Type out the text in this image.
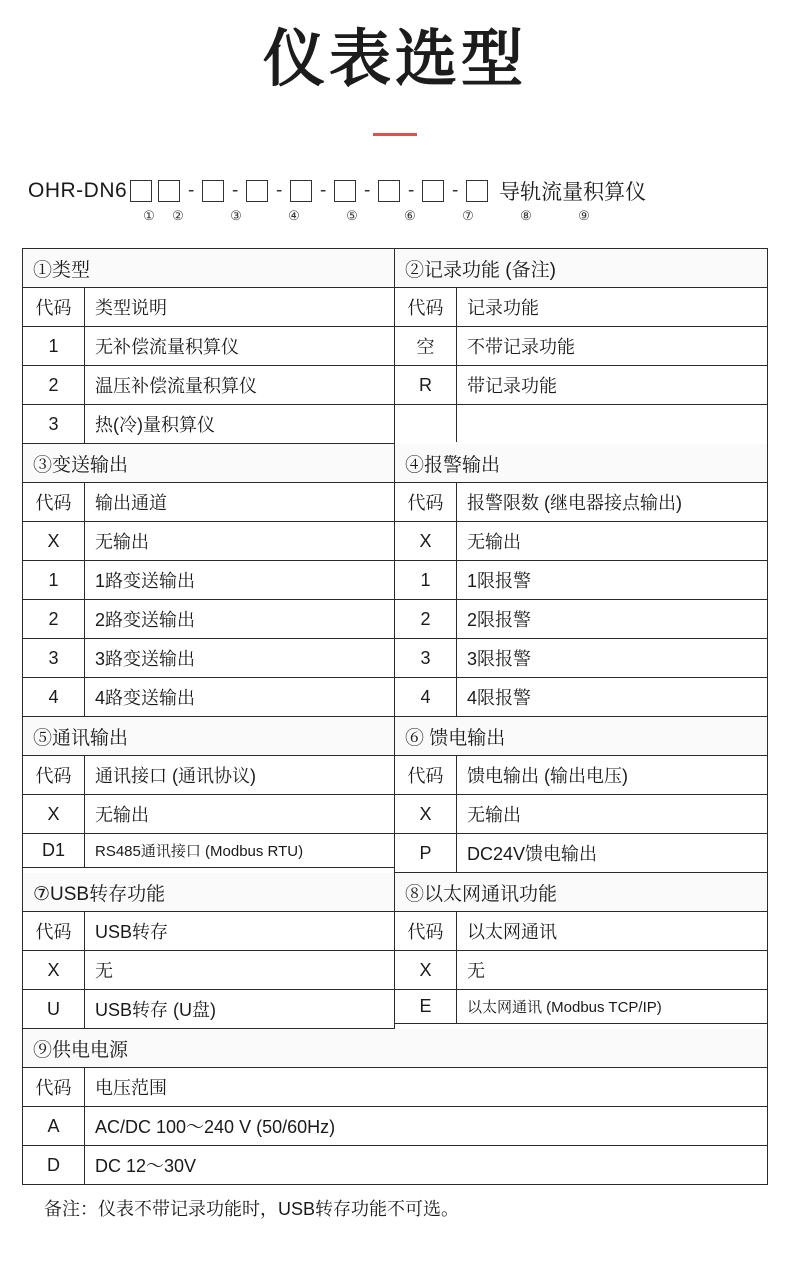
仪表选型
OHR-DN6	- - - - - - - 导轨流量积算仪
① ②	③	④	⑤	⑥	⑦	⑧	⑨
①类型
代码	类型说明
1	无补偿流量积算仪
2	温压补偿流量积算仪
3	热(冷)量积算仪
②记录功能 (备注)
代码	记录功能
空	不带记录功能
R	带记录功能
③变送输出
代码	输出通道
X	无输出
1	1路变送输出
2	2路变送输出
3	3路变送输出
4	4路变送输出
④报警输出
代码	报警限数 (继电器接点输出)
X	无输出
1	1限报警
2	2限报警
3	3限报警
4	4限报警
⑤通讯输出
代码	通讯接口 (通讯协议)
X	无输出
D1	RS485通讯接口 (Modbus RTU)
⑥ 馈电输出
代码	馈电输出 (输出电压)
X	无输出
P	DC24V馈电输出
⑦USB转存功能
代码	USB转存
X	无
U	USB转存 (U盘)
⑧以太网通讯功能
代码	以太网通讯
X	无
E	以太网通讯 (Modbus TCP/IP)
⑨供电电源
代码	电压范围
A	AC/DC 100～240 V (50/60Hz)
D	DC 12～30V
备注：仪表不带记录功能时，USB转存功能不可选。
